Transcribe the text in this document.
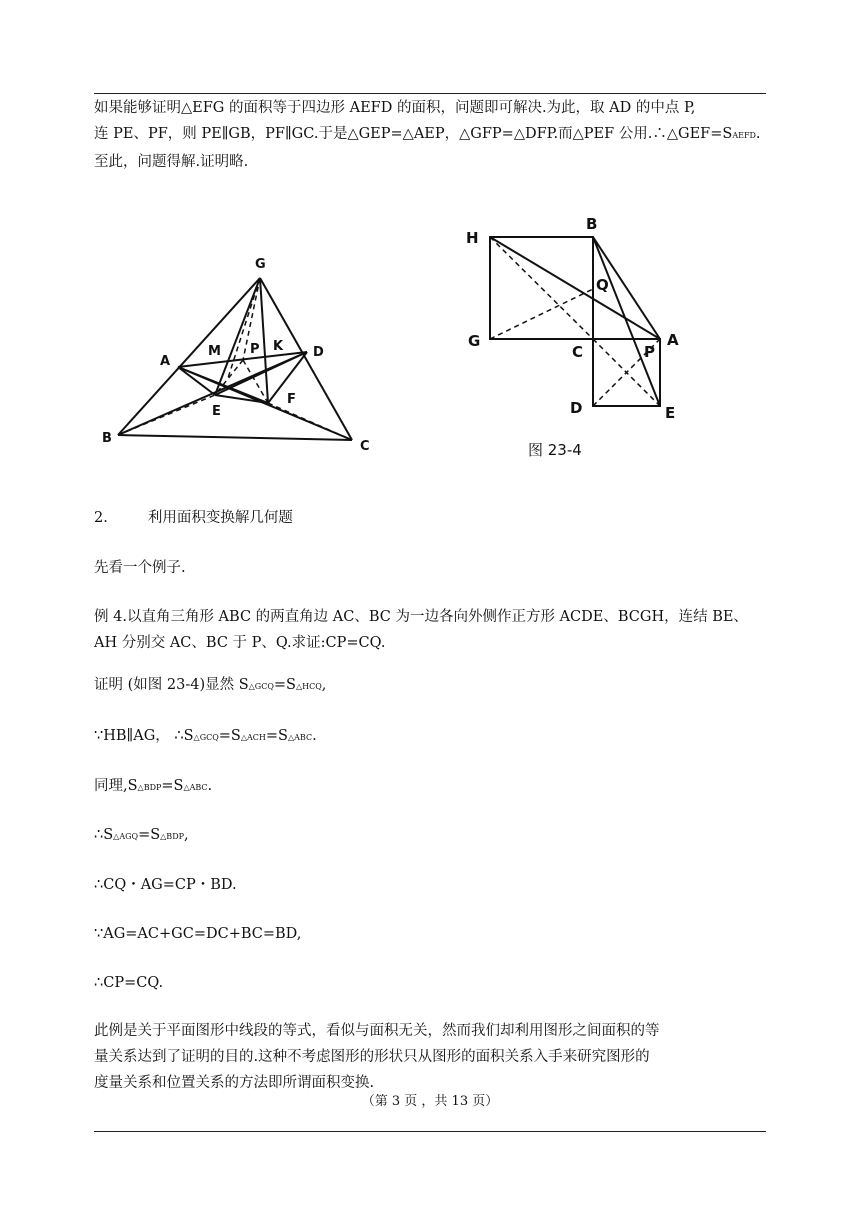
如果能够证明△EFG 的面积等于四边形 AEFD 的面积，问题即可解决.为此，取 AD 的中点 P,
连 PE、PF，则 PE∥GB，PF∥GC.于是△GEP=△AEP，△GFP=△DFP.而△PEF 公用.∴△GEF=SAEFD.
至此，问题得解.证明略.
G
A
M P K D
E
F
B
C
B
H
Q
G
C
A
P
D	E
图 23-4
2.	利用面积变换解几何题
先看一个例子.
例 4.以直角三角形 ABC 的两直角边 AC、BC 为一边各向外侧作正方形 ACDE、BCGH，连结 BE、
AH 分别交 AC、BC 于 P、Q.求证:CP=CQ.
证明 (如图 23-4)显然 S△GCQ=S△HCQ,
∵HB∥AG， ∴S△GCQ=S△ACH=S△ABC.
同理,S△BDP=S△ABC.
∴S△AGQ=S△BDP,
∴CQ・AG=CP・BD.
∵AG=AC+GC=DC+BC=BD,
∴CP=CQ.
此例是关于平面图形中线段的等式，看似与面积无关，然而我们却利用图形之间面积的等
量关系达到了证明的目的.这种不考虑图形的形状只从图形的面积关系入手来研究图形的
度量关系和位置关系的方法即所谓面积变换.
（第 3 页 ，共 13 页）
